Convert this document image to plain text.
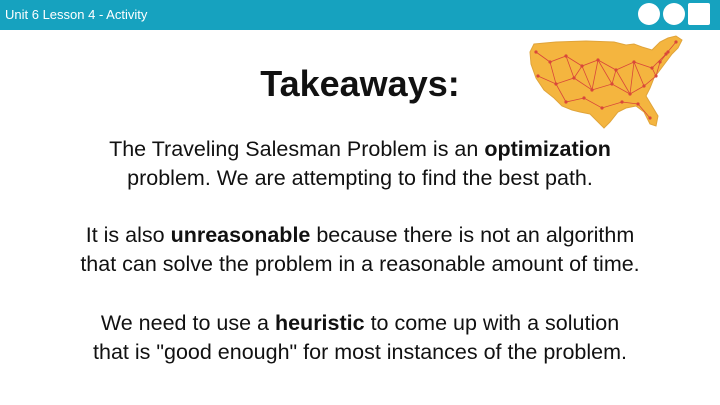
Unit 6 Lesson 4 - Activity
Takeaways:
The Traveling Salesman Problem is an optimization
problem. We are attempting to find the best path.
It is also unreasonable because there is not an algorithm
that can solve the problem in a reasonable amount of time.
We need to use a heuristic to come up with a solution
that is "good enough" for most instances of the problem.
